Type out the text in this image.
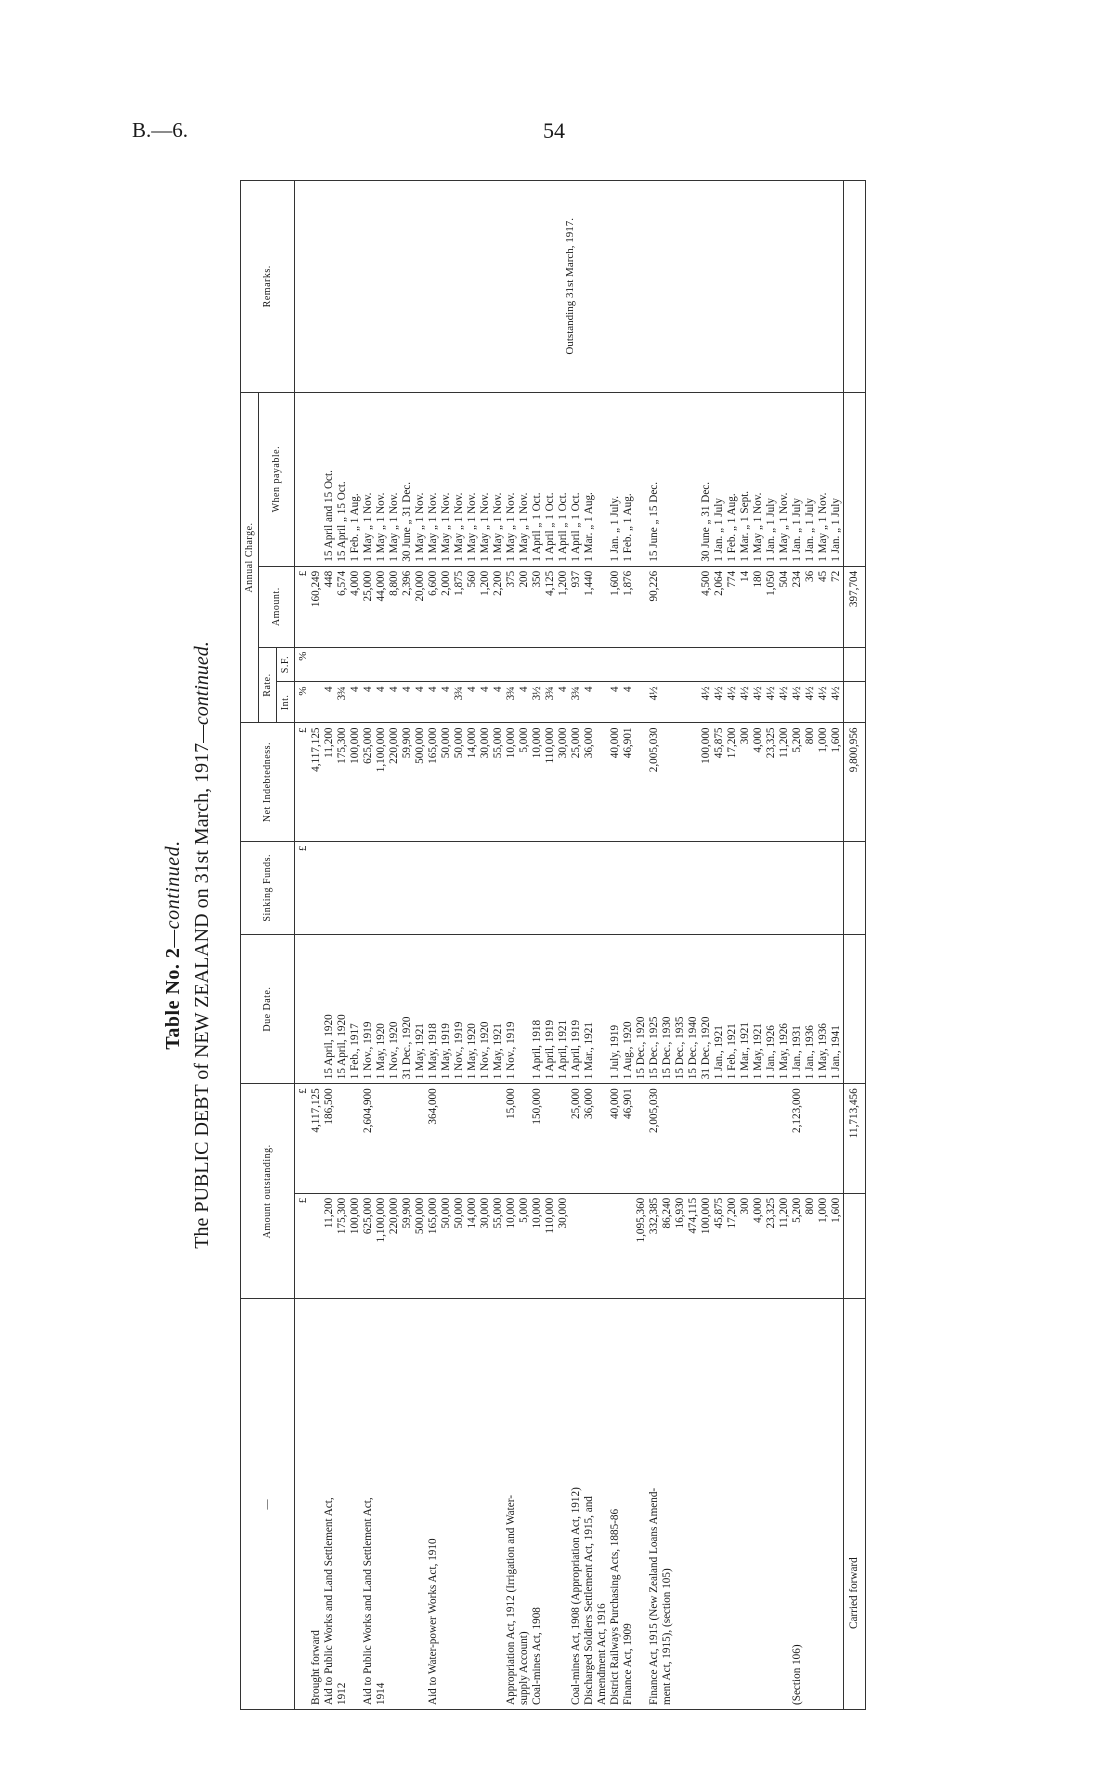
B.—6.	54
Table No. 2—continued. The PUBLIC DEBT of NEW ZEALAND on 31st March, 1917—continued.
—	Amount outstanding.		Due Date.	Sinking Funds.	Net Indebtedness.	Annual Charge.				Remarks.
						Rate.		Amount.	When payable.	
						Int.	S.F.			
	£	£		£	£	%	%	£		Outstanding 31st March, 1917.
Brought forward		4,117,125			4,117,125			160,249		
Aid to Public Works and Land Settlement Act,	11,200	186,500	15 April, 1920		11,200	4		448	15 April and 15 Oct.	
1912	175,300		15 April, 1920		175,300	3¾		6,574	15 April „ 15 Oct.	
	100,000		1 Feb., 1917		100,000	4		4,000	1 Feb. „ 1 Aug.	
Aid to Public Works and Land Settlement Act,	625,000	2,604,900	1 Nov., 1919		625,000	4		25,000	1 May „ 1 Nov.	
1914	1,100,000		1 May, 1920		1,100,000	4		44,000	1 May „ 1 Nov.	
	220,000		1 Nov., 1920		220,000	4		8,800	1 May „ 1 Nov.	
	59,900		31 Dec., 1920		59,900	4		2,396	30 June „ 31 Dec.	
	500,000		1 May, 1921		500,000	4		20,000	1 May „ 1 Nov.	
Aid to Water-power Works Act, 1910	165,000	364,000	1 May, 1918		165,000	4		6,600	1 May „ 1 Nov.	
	50,000		1 May, 1919		50,000	4		2,000	1 May „ 1 Nov.	
	50,000		1 Nov., 1919		50,000	3¾		1,875	1 May „ 1 Nov.	
	14,000		1 May, 1920		14,000	4		560	1 May „ 1 Nov.	
	30,000		1 Nov., 1920		30,000	4		1,200	1 May „ 1 Nov.	
	55,000		1 May, 1921		55,000	4		2,200	1 May „ 1 Nov.	
Appropriation Act, 1912 (Irrigation and Water-	10,000	15,000	1 Nov., 1919		10,000	3¾		375	1 May „ 1 Nov.	
supply Account)	5,000				5,000	4		200	1 May „ 1 Nov.	
Coal-mines Act, 1908	10,000	150,000	1 April, 1918		10,000	3½		350	1 April „ 1 Oct.	
	110,000		1 April, 1919		110,000	3¾		4,125	1 April „ 1 Oct.	
	30,000		1 April, 1921		30,000	4		1,200	1 April „ 1 Oct.	
Coal-mines Act, 1908 (Appropriation Act, 1912)		25,000	1 April, 1919		25,000	3¾		937	1 April „ 1 Oct.	
Discharged Soldiers Settlement Act, 1915, and		36,000	1 Mar., 1921		36,000	4		1,440	1 Mar. „ 1 Aug.	
Amendment Act, 1916										
District Railways Purchasing Acts, 1885-86		40,000	1 July, 1919		40,000	4		1,600	1 Jan. „ 1 July.	
Finance Act, 1909		46,901	1 Aug., 1920		46,901	4		1,876	1 Feb. „ 1 Aug.	
	1,095,360		15 Dec., 1920							
Finance Act, 1915 (New Zealand Loans Amend-	332,385	2,005,030	15 Dec., 1925		2,005,030	4½		90,226	15 June „ 15 Dec.	
ment Act, 1915), (section 105)	86,240		15 Dec., 1930							
	16,930		15 Dec., 1935							
	474,115		15 Dec., 1940							
	100,000		31 Dec., 1920		100,000	4½		4,500	30 June „ 31 Dec.	
	45,875		1 Jan., 1921		45,875	4½		2,064	1 Jan. „ 1 July	
	17,200		1 Feb., 1921		17,200	4½		774	1 Feb. „ 1 Aug.	
	300		1 Mar., 1921		300	4½		14	1 Mar. „ 1 Sept.	
	4,000		1 May, 1921		4,000	4½		180	1 May „ 1 Nov.	
	23,325		1 Jan., 1926		23,325	4½		1,050	1 Jan. „ 1 July	
	11,200		1 May, 1926		11,200	4½		504	1 May „ 1 Nov.	
(Section 106)	5,200	2,123,000	1 Jan., 1931		5,200	4½		234	1 Jan. „ 1 July	
	800		1 Jan., 1936		800	4½		36	1 Jan. „ 1 July	
	1,000		1 May, 1936		1,000	4½		45	1 May „ 1 Nov.	
	1,600		1 Jan., 1941		1,600	4½		72	1 Jan. „ 1 July	
Carried forward		11,713,456			9,800,956			397,704		
